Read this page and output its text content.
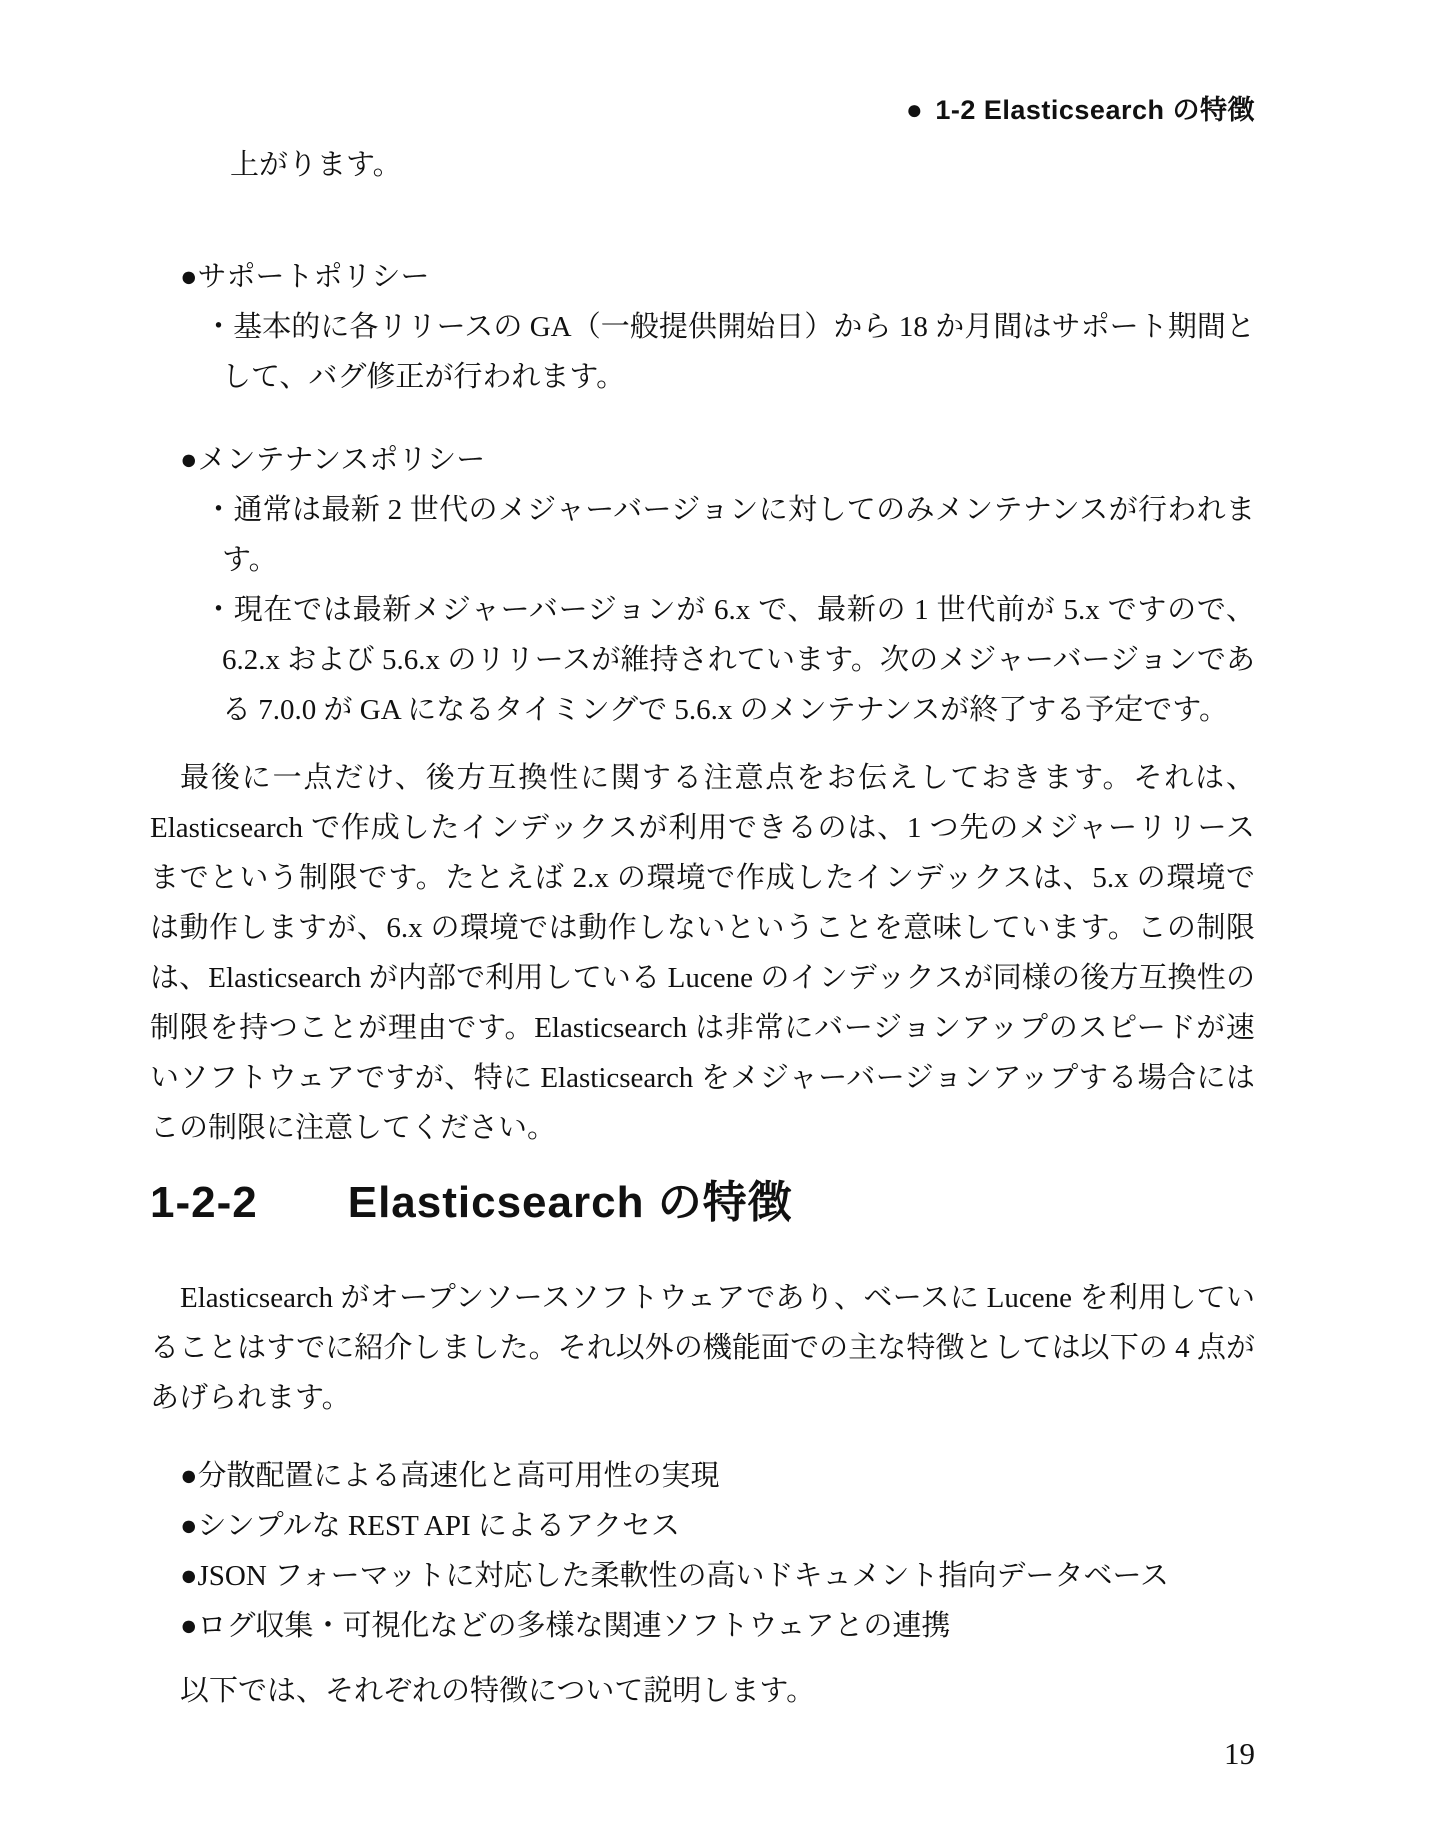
● 1-2 Elasticsearch の特徴

上がります。

●サポートポリシー

・基本的に各リリースの GA（一般提供開始日）から 18 か月間はサポート期間として、バグ修正が行われます。

●メンテナンスポリシー

・通常は最新 2 世代のメジャーバージョンに対してのみメンテナンスが行われます。

・現在では最新メジャーバージョンが 6.x で、最新の 1 世代前が 5.x ですので、6.2.x および 5.6.x のリリースが維持されています。次のメジャーバージョンである 7.0.0 が GA になるタイミングで 5.6.x のメンテナンスが終了する予定です。

最後に一点だけ、後方互換性に関する注意点をお伝えしておきます。それは、Elasticsearch で作成したインデックスが利用できるのは、1 つ先のメジャーリリースまでという制限です。たとえば 2.x の環境で作成したインデックスは、5.x の環境では動作しますが、6.x の環境では動作しないということを意味しています。この制限は、Elasticsearch が内部で利用している Lucene のインデックスが同様の後方互換性の制限を持つことが理由です。Elasticsearch は非常にバージョンアップのスピードが速いソフトウェアですが、特に Elasticsearch をメジャーバージョンアップする場合にはこの制限に注意してください。

1-2-2 Elasticsearch の特徴

Elasticsearch がオープンソースソフトウェアであり、ベースに Lucene を利用していることはすでに紹介しました。それ以外の機能面での主な特徴としては以下の 4 点があげられます。

●分散配置による高速化と高可用性の実現
●シンプルな REST API によるアクセス
●JSON フォーマットに対応した柔軟性の高いドキュメント指向データベース
●ログ収集・可視化などの多様な関連ソフトウェアとの連携

以下では、それぞれの特徴について説明します。

19
